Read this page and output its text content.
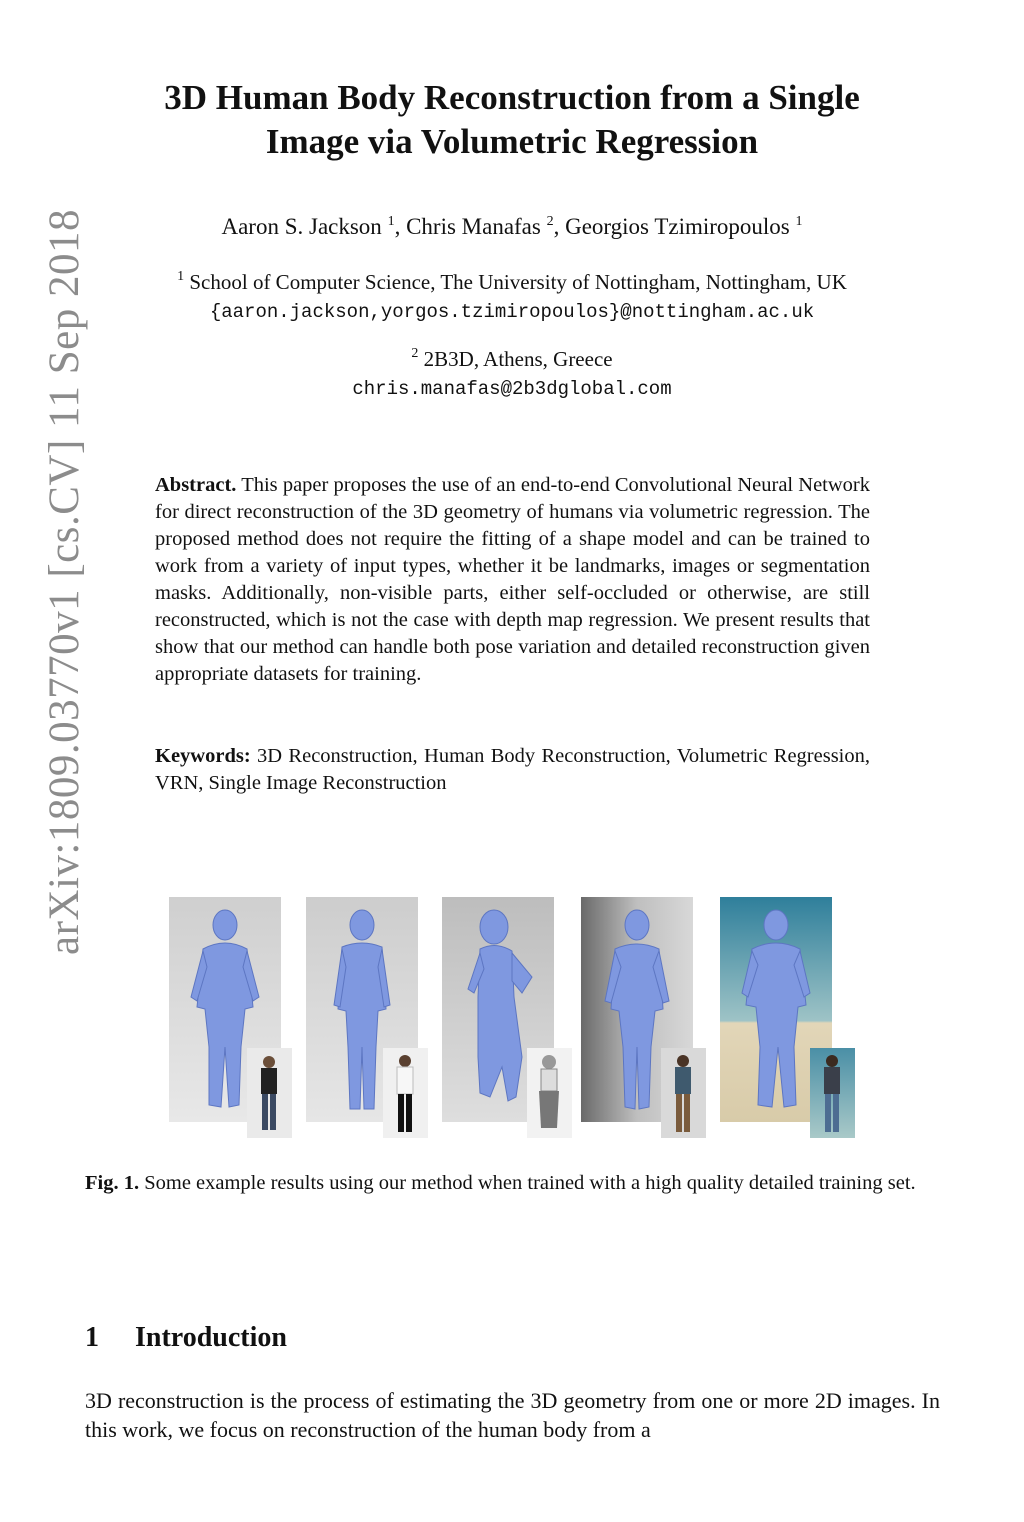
arXiv:1809.03770v1 [cs.CV] 11 Sep 2018
3D Human Body Reconstruction from a Single
Image via Volumetric Regression
Aaron S. Jackson $^1$, Chris Manafas $^2$, Georgios Tzimiropoulos $^1$
$^1$ School of Computer Science, The University of Nottingham, Nottingham, UK
{aaron.jackson,yorgos.tzimiropoulos}@nottingham.ac.uk
$^2$ 2B3D, Athens, Greece
chris.manafas@2b3dglobal.com

Abstract. This paper proposes the use of an end-to-end Convolutional Neural Network for direct reconstruction of the 3D geometry of humans via volumetric regression. The proposed method does not require the fitting of a shape model and can be trained to work from a variety of input types, whether it be landmarks, images or segmentation masks. Additionally, non-visible parts, either self-occluded or otherwise, are still reconstructed, which is not the case with depth map regression. We present results that show that our method can handle both pose variation and detailed reconstruction given appropriate datasets for training.

Keywords: 3D Reconstruction, Human Body Reconstruction, Volumetric Regression, VRN, Single Image Reconstruction

Fig. 1. Some example results using our method when trained with a high quality detailed training set.

1 Introduction

3D reconstruction is the process of estimating the 3D geometry from one or more 2D images. In this work, we focus on reconstruction of the human body from a
